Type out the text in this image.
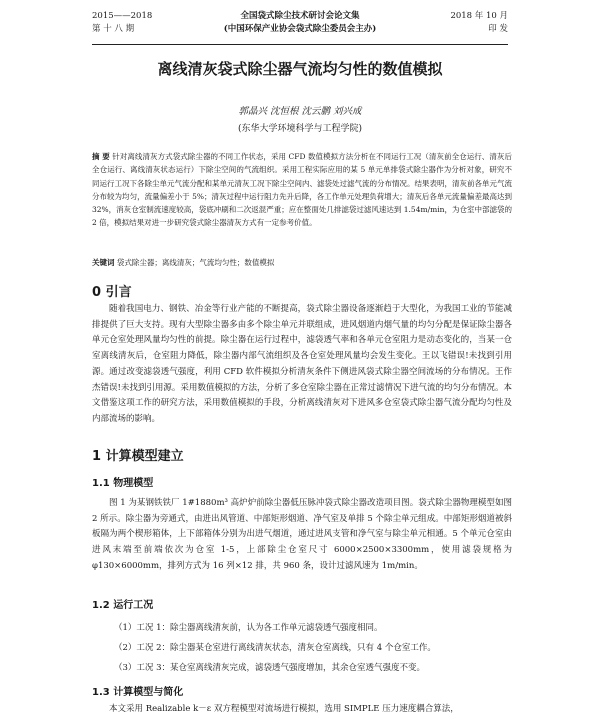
2015——2018
第 十 八 期
全国袋式除尘技术研讨会论文集
(中国环保产业协会袋式除尘委员会主办)
2018 年 10 月
印 发
离线清灰袋式除尘器气流均匀性的数值模拟
郭晶兴 沈恒根 沈云鹏 刘兴成
(东华大学环境科学与工程学院)
摘 要 针对离线清灰方式袋式除尘器的不同工作状态，采用 CFD 数值模拟方法分析在不同运行工况（清灰前全仓运行、清灰后全仓运行、离线清灰状态运行）下除尘空间的气流组织。采用工程实际应用的某 5 单元单排袋式除尘器作为分析对象，研究不同运行工况下各除尘单元气流分配和某单元清灰工况下除尘空间内、滤袋处过滤气流的分布情况。结果表明，清灰前各单元气流分布较为均匀，流量偏差小于 5%；清灰过程中运行阻力先升后降，各工作单元处理负荷增大；清灰后各单元流量偏差最高达到 32%，消灰仓室制流速度较高，袋底冲刷和二次返混严重；应在整面处几排滤袋过滤风速达到 1.54m/min，为仓室中部滤袋的 2 倍，模拟结果对进一步研究袋式除尘器清灰方式有一定参考价值。
关键词 袋式除尘器；离线清灰；气流均匀性；数值模拟
0 引言

随着我国电力、钢铁、冶金等行业产能的不断提高，袋式除尘器设备逐渐趋于大型化，为我国工业的节能减排提供了巨大支持。现有大型除尘器多由多个除尘单元并联组成，进风烟道内烟气量的均匀分配是保证除尘器各单元仓室处理风量均匀性的前提。除尘器在运行过程中，滤袋透气率和各单元仓室阻力是动态变化的，当某一仓室离线清灰后，仓室阻力降低，除尘器内部气流组织及各仓室处理风量均会发生变化。王以飞错误!未找到引用源。通过改变滤袋透气强度，利用 CFD 软件模拟分析清灰条件下侧进风袋式除尘器空间流场的分布情况。王作杰错误!未找到引用源。采用数值模拟的方法，分析了多仓室除尘器在正常过滤情况下进气流的均匀分布情况。本文借鉴这项工作的研究方法，采用数值模拟的手段，分析离线清灰对下进风多仓室袋式除尘器气流分配均匀性及内部流场的影响。

1 计算模型建立
1.1 物理模型

图 1 为某钢铁铁厂 1#1880m³ 高炉炉前除尘器低压脉冲袋式除尘器改造项目图。袋式除尘器物理模型如图 2 所示。除尘器为旁通式，由进出风管道、中部矩形烟道、净气室及单排 5 个除尘单元组成。中部矩形烟道被斜板隔为两个楔形箱体，上下部箱体分别为出进气烟道，通过进风支管和净气室与除尘单元相通。5 个单元仓室由进风末端至前端依次为仓室 1-5，上部除尘仓室尺寸 6000×2500×3300mm，使用滤袋规格为φ130×6000mm，排列方式为 16 列×12 排，共 960 条，设计过滤风速为 1m/min。

1.2 运行工况
（1）工况 1：除尘器离线清灰前，认为各工作单元滤袋透气强度相同。
（2）工况 2：除尘器某仓室进行离线清灰状态，清灰仓室离线，只有 4 个仓室工作。
（3）工况 3：某仓室离线清灰完成，滤袋透气强度增加，其余仓室透气强度不变。
1.3 计算模型与简化

本文采用 Realizable k－ε 双方程模型对流场进行模拟，选用 SIMPLE 压力速度耦合算法，
